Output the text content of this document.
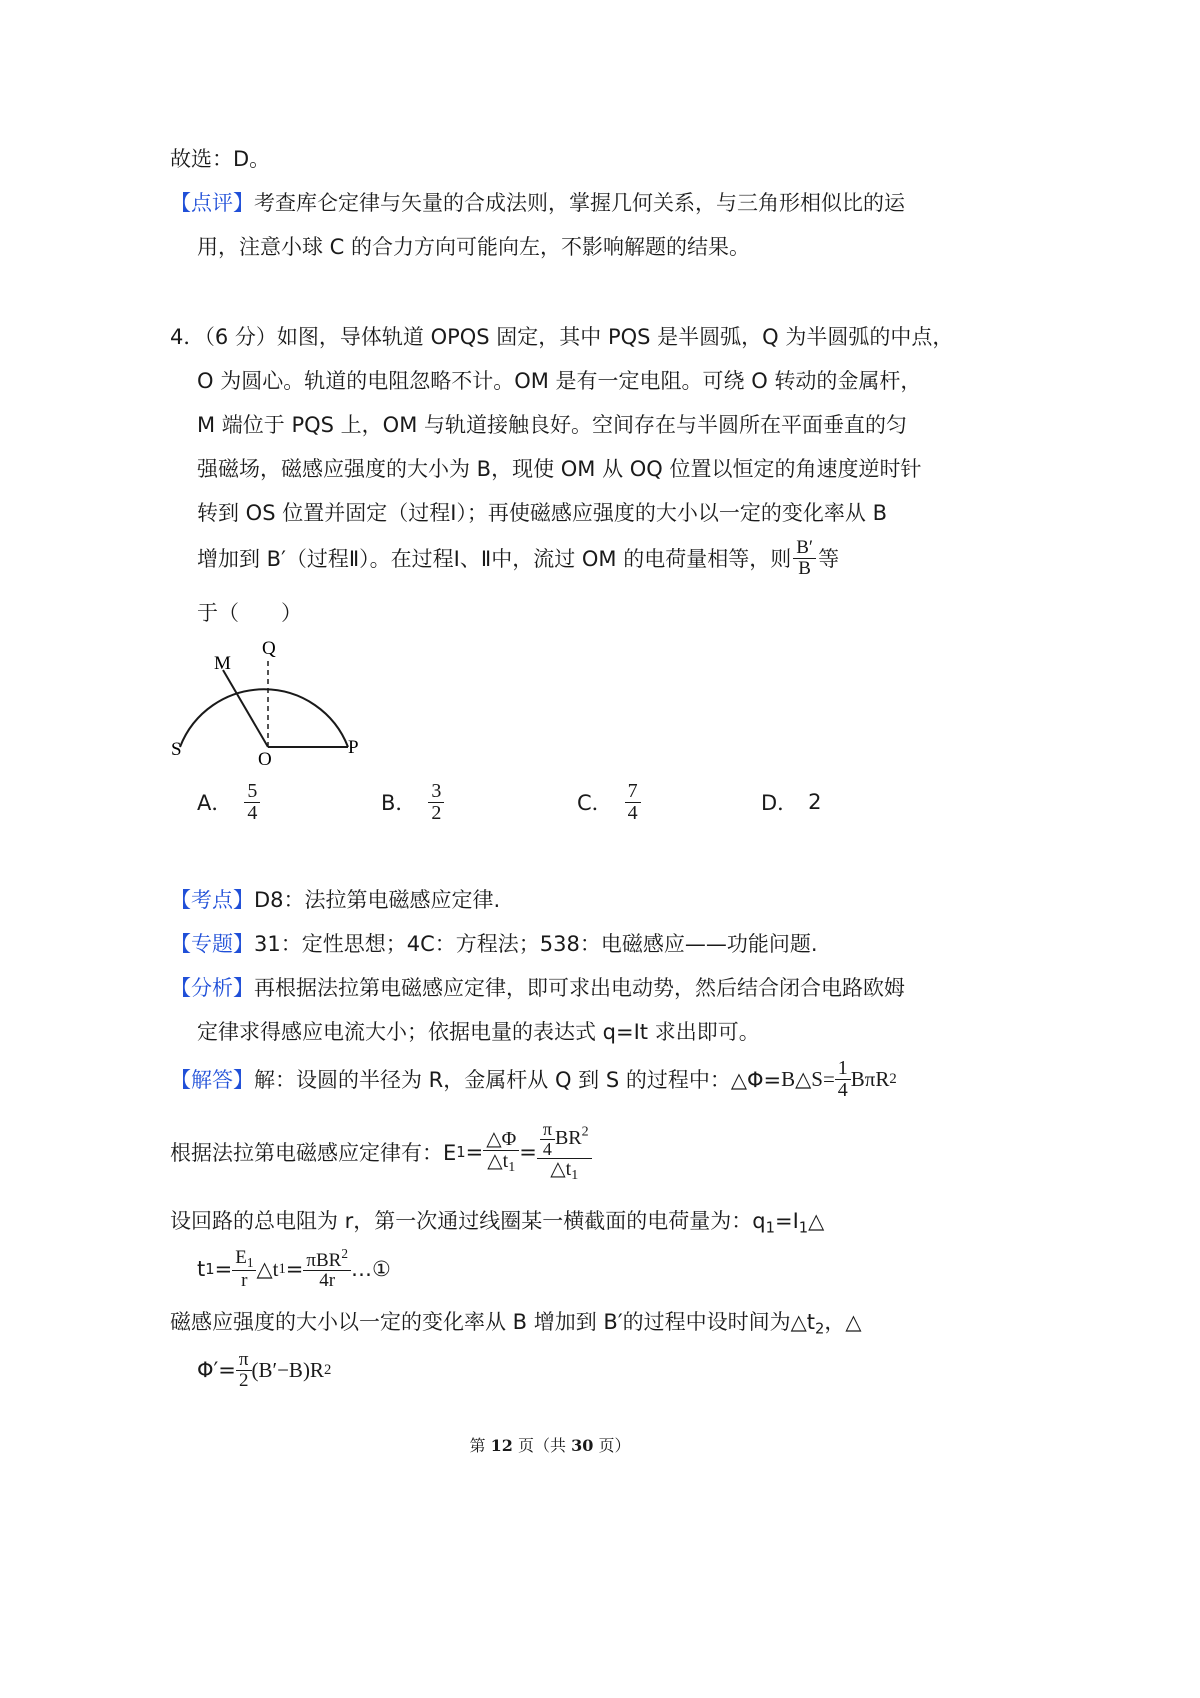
故选：D。
【点评】考查库仑定律与矢量的合成法则，掌握几何关系，与三角形相似比的运
用，注意小球 C 的合力方向可能向左，不影响解题的结果。
4．（6 分）如图，导体轨道 OPQS 固定，其中 PQS 是半圆弧，Q 为半圆弧的中点，
O 为圆心。轨道的电阻忽略不计。OM 是有一定电阻。可绕 O 转动的金属杆，
M 端位于 PQS 上，OM 与轨道接触良好。空间存在与半圆所在平面垂直的匀
强磁场，磁感应强度的大小为 B，现使 OM 从 OQ 位置以恒定的角速度逆时针
转到 OS 位置并固定（过程Ⅰ）；再使磁感应强度的大小以一定的变化率从 B
增加到 B′（过程Ⅱ）。在过程Ⅰ、Ⅱ中，流过 OM 的电荷量相等，则 $\frac{B'}{B}$ 等
于（　　）
M
Q
S	O
P
A． $\frac{5}{4}$	B． $\frac{3}{2}$	C． $\frac{7}{4}$	D． 2
【考点】D8：法拉第电磁感应定律.
【专题】31：定性思想；4C：方程法；538：电磁感应——功能问题.
【分析】再根据法拉第电磁感应定律，即可求出电动势，然后结合闭合电路欧姆
定律求得感应电流大小；依据电量的表达式 q=It 求出即可。
【解答】 解：设圆的半径为 R，金属杆从 Q 到 S 的过程中：△Φ= B△S= $\frac{1}{4}$ BπR 2
根据法拉第电磁感应定律有：E $1 = \frac{\triangle\Phi}{\triangle t_1} = \frac{\frac{\pi}{4} BR^2}{\triangle t_1}$
设回路的总电阻为 r，第一次通过线圈某一横截面的电荷量为：$q_1=I_1\triangle$
t $1 = \frac{E_1}{r}$ △t $1 = \frac{\pi BR^2}{4r}$ …①
磁感应强度的大小以一定的变化率从 B 增加到 B′的过程中设时间为$\triangle t_2$，△
$\Phi'= \frac{\pi}{2} (B'-B)R$ 2
第 12 页（共 30 页）
